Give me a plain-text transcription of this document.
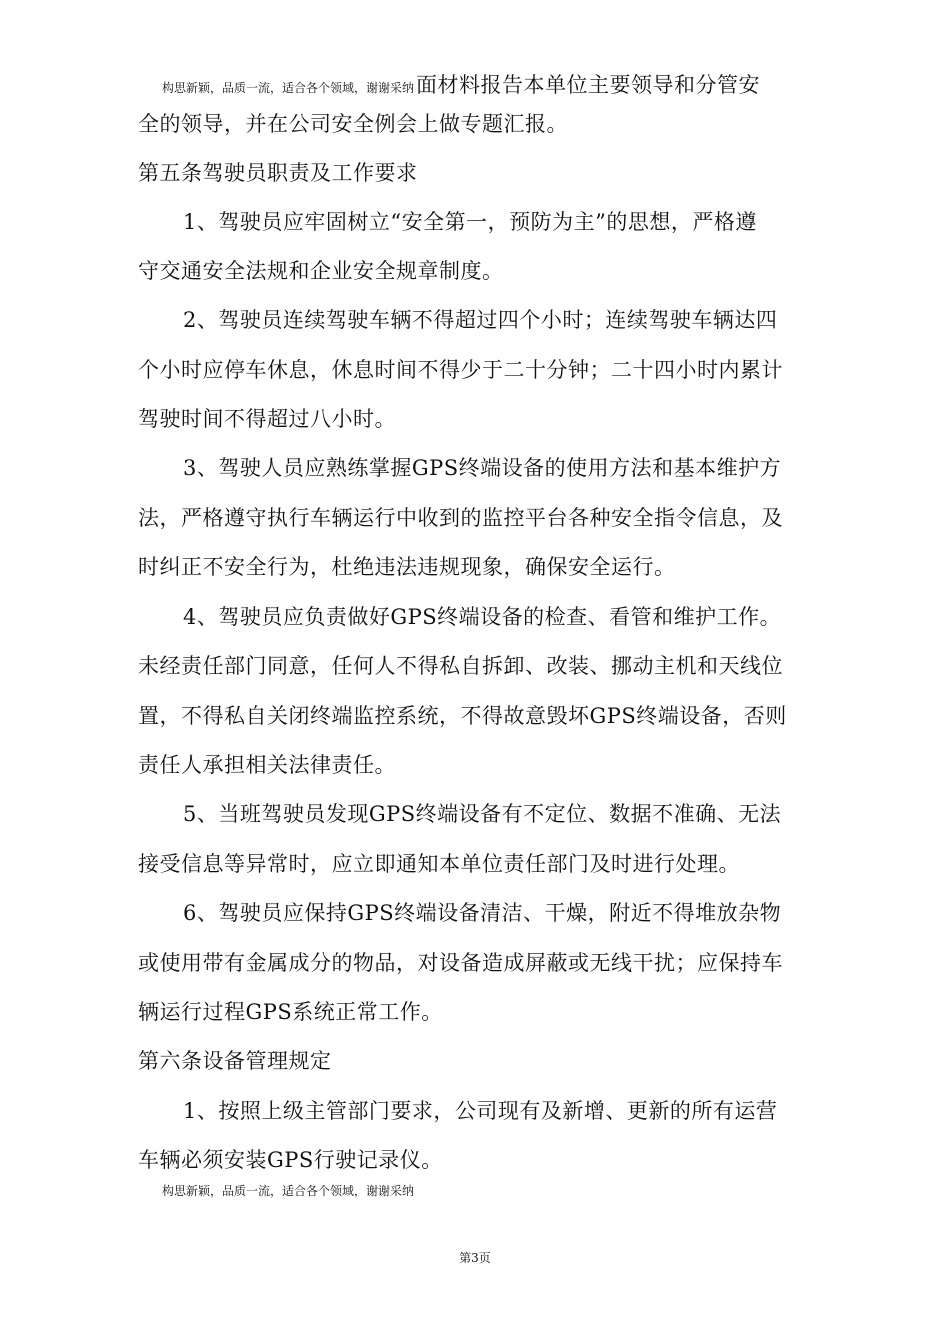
构思新颖，品质一流，适合各个领域，谢谢采纳面材料报告本单位主要领导和分管安
全的领导，并在公司安全例会上做专题汇报。
第五条驾驶员职责及工作要求
1、驾驶员应牢固树立“安全第一，预防为主”的思想，严格遵
守交通安全法规和企业安全规章制度。
2、驾驶员连续驾驶车辆不得超过四个小时；连续驾驶车辆达四
个小时应停车休息，休息时间不得少于二十分钟；二十四小时内累计
驾驶时间不得超过八小时。
3、驾驶人员应熟练掌握GPS终端设备的使用方法和基本维护方
法，严格遵守执行车辆运行中收到的监控平台各种安全指令信息，及
时纠正不安全行为，杜绝违法违规现象，确保安全运行。
4、驾驶员应负责做好GPS终端设备的检查、看管和维护工作。
未经责任部门同意，任何人不得私自拆卸、改装、挪动主机和天线位
置，不得私自关闭终端监控系统，不得故意毁坏GPS终端设备，否则
责任人承担相关法律责任。
5、当班驾驶员发现GPS终端设备有不定位、数据不准确、无法
接受信息等异常时，应立即通知本单位责任部门及时进行处理。
6、驾驶员应保持GPS终端设备清洁、干燥，附近不得堆放杂物
或使用带有金属成分的物品，对设备造成屏蔽或无线干扰；应保持车
辆运行过程GPS系统正常工作。
第六条设备管理规定
1、按照上级主管部门要求，公司现有及新增、更新的所有运营
车辆必须安装GPS行驶记录仪。
构思新颖，品质一流，适合各个领域，谢谢采纳
第3页
